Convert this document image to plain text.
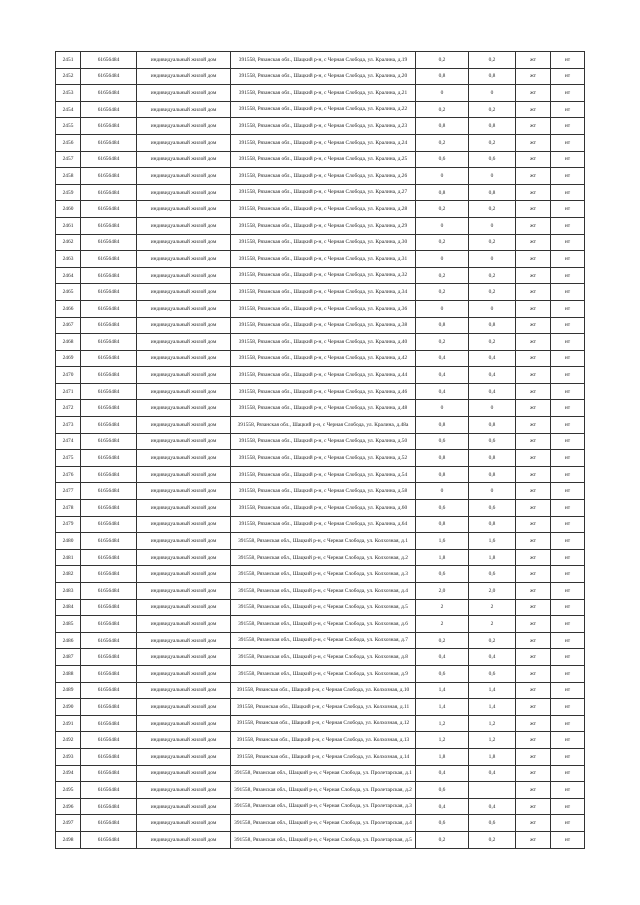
2451	61656484	индивидуальный жилой дом	391558, Рязанская обл., Шацкий р-н, с Черная Слобода, ул. Кралина, д.19	0,2	0,2	жт	нт
2452	61656484	индивидуальный жилой дом	391558, Рязанская обл., Шацкий р-н, с Черная Слобода, ул. Кралина, д.20	0,8	0,8	жт	нт
2453	61656484	индивидуальный жилой дом	391558, Рязанская обл., Шацкий р-н, с Черная Слобода, ул. Кралина, д.21	0	0	жт	нт
2454	61656484	индивидуальный жилой дом	391558, Рязанская обл., Шацкий р-н, с Черная Слобода, ул. Кралина, д.22	0,2	0,2	жт	нт
2455	61656484	индивидуальный жилой дом	391558, Рязанская обл., Шацкий р-н, с Черная Слобода, ул. Кралина, д.23	0,8	0,8	жт	нт
2456	61656484	индивидуальный жилой дом	391558, Рязанская обл., Шацкий р-н, с Черная Слобода, ул. Кралина, д.24	0,2	0,2	жт	нт
2457	61656484	индивидуальный жилой дом	391558, Рязанская обл., Шацкий р-н, с Черная Слобода, ул. Кралина, д.25	0,6	0,6	жт	нт
2458	61656484	индивидуальный жилой дом	391558, Рязанская обл., Шацкий р-н, с Черная Слобода, ул. Кралина, д.26	0	0	жт	нт
2459	61656484	индивидуальный жилой дом	391558, Рязанская обл., Шацкий р-н, с Черная Слобода, ул. Кралина, д.27	0,8	0,8	жт	нт
2460	61656484	индивидуальный жилой дом	391558, Рязанская обл., Шацкий р-н, с Черная Слобода, ул. Кралина, д.28	0,2	0,2	жт	нт
2461	61656484	индивидуальный жилой дом	391558, Рязанская обл., Шацкий р-н, с Черная Слобода, ул. Кралина, д.29	0	0	жт	нт
2462	61656484	индивидуальный жилой дом	391558, Рязанская обл., Шацкий р-н, с Черная Слобода, ул. Кралина, д.30	0,2	0,2	жт	нт
2463	61656484	индивидуальный жилой дом	391558, Рязанская обл., Шацкий р-н, с Черная Слобода, ул. Кралина, д.31	0	0	жт	нт
2464	61656484	индивидуальный жилой дом	391558, Рязанская обл., Шацкий р-н, с Черная Слобода, ул. Кралина, д.32	0,2	0,2	жт	нт
2465	61656484	индивидуальный жилой дом	391558, Рязанская обл., Шацкий р-н, с Черная Слобода, ул. Кралина, д.34	0,2	0,2	жт	нт
2466	61656484	индивидуальный жилой дом	391558, Рязанская обл., Шацкий р-н, с Черная Слобода, ул. Кралина, д.36	0	0	жт	нт
2467	61656484	индивидуальный жилой дом	391558, Рязанская обл., Шацкий р-н, с Черная Слобода, ул. Кралина, д.38	0,8	0,8	жт	нт
2468	61656484	индивидуальный жилой дом	391558, Рязанская обл., Шацкий р-н, с Черная Слобода, ул. Кралина, д.40	0,2	0,2	жт	нт
2469	61656484	индивидуальный жилой дом	391558, Рязанская обл., Шацкий р-н, с Черная Слобода, ул. Кралина, д.42	0,4	0,4	жт	нт
2470	61656484	индивидуальный жилой дом	391558, Рязанская обл., Шацкий р-н, с Черная Слобода, ул. Кралина, д.44	0,4	0,4	жт	нт
2471	61656484	индивидуальный жилой дом	391558, Рязанская обл., Шацкий р-н, с Черная Слобода, ул. Кралина, д.46	0,4	0,4	жт	нт
2472	61656484	индивидуальный жилой дом	391558, Рязанская обл., Шацкий р-н, с Черная Слобода, ул. Кралина, д.48	0	0	жт	нт
2473	61656484	индивидуальный жилой дом	391558, Рязанская обл., Шацкий р-н, с Черная Слобода, ул. Кралина, д.48а	0,8	0,8	жт	нт
2474	61656484	индивидуальный жилой дом	391558, Рязанская обл., Шацкий р-н, с Черная Слобода, ул. Кралина, д.50	0,6	0,6	жт	нт
2475	61656484	индивидуальный жилой дом	391558, Рязанская обл., Шацкий р-н, с Черная Слобода, ул. Кралина, д.52	0,8	0,8	жт	нт
2476	61656484	индивидуальный жилой дом	391558, Рязанская обл., Шацкий р-н, с Черная Слобода, ул. Кралина, д.54	0,8	0,8	жт	нт
2477	61656484	индивидуальный жилой дом	391558, Рязанская обл., Шацкий р-н, с Черная Слобода, ул. Кралина, д.58	0	0	жт	нт
2478	61656484	индивидуальный жилой дом	391558, Рязанская обл., Шацкий р-н, с Черная Слобода, ул. Кралина, д.60	0,6	0,6	жт	нт
2479	61656484	индивидуальный жилой дом	391558, Рязанская обл., Шацкий р-н, с Черная Слобода, ул. Кралина, д.64	0,8	0,8	жт	нт
2480	61656484	индивидуальный жилой дом	391558, Рязанская обл., Шацкий р-н, с Черная Слобода, ул. Колхозная, д.1	1,6	1,6	жт	нт
2481	61656484	индивидуальный жилой дом	391558, Рязанская обл., Шацкий р-н, с Черная Слобода, ул. Колхозная, д.2	1,8	1,8	жт	нт
2482	61656484	индивидуальный жилой дом	391558, Рязанская обл., Шацкий р-н, с Черная Слобода, ул. Колхозная, д.3	0,6	0,6	жт	нт
2483	61656484	индивидуальный жилой дом	391558, Рязанская обл., Шацкий р-н, с Черная Слобода, ул. Колхозная, д.4	2,0	2,0	жт	нт
2484	61656484	индивидуальный жилой дом	391558, Рязанская обл., Шацкий р-н, с Черная Слобода, ул. Колхозная, д.5	2	2	жт	нт
2485	61656484	индивидуальный жилой дом	391558, Рязанская обл., Шацкий р-н, с Черная Слобода, ул. Колхозная, д.6	2	2	жт	нт
2486	61656484	индивидуальный жилой дом	391558, Рязанская обл., Шацкий р-н, с Черная Слобода, ул. Колхозная, д.7	0,2	0,2	жт	нт
2487	61656484	индивидуальный жилой дом	391558, Рязанская обл., Шацкий р-н, с Черная Слобода, ул. Колхозная, д.8	0,4	0,4	жт	нт
2488	61656484	индивидуальный жилой дом	391558, Рязанская обл., Шацкий р-н, с Черная Слобода, ул. Колхозная, д.9	0,6	0,6	жт	нт
2489	61656484	индивидуальный жилой дом	391558, Рязанская обл., Шацкий р-н, с Черная Слобода, ул. Колхозная, д.10	1,4	1,4	жт	нт
2490	61656484	индивидуальный жилой дом	391558, Рязанская обл., Шацкий р-н, с Черная Слобода, ул. Колхозная, д.11	1,4	1,4	жт	нт
2491	61656484	индивидуальный жилой дом	391558, Рязанская обл., Шацкий р-н, с Черная Слобода, ул. Колхозная, д.12	1,2	1,2	жт	нт
2492	61656484	индивидуальный жилой дом	391558, Рязанская обл., Шацкий р-н, с Черная Слобода, ул. Колхозная, д.13	1,2	1,2	жт	нт
2493	61656484	индивидуальный жилой дом	391558, Рязанская обл., Шацкий р-н, с Черная Слобода, ул. Колхозная, д.14	1,8	1,8	жт	нт
2494	61656484	индивидуальный жилой дом	391558, Рязанская обл., Шацкий р-н, с Черная Слобода, ул. Пролетарская, д.1	0,4	0,4	жт	нт
2495	61656484	индивидуальный жилой дом	391558, Рязанская обл., Шацкий р-н, с Черная Слобода, ул. Пролетарская, д.2	0,6		жт	нт
2496	61656484	индивидуальный жилой дом	391558, Рязанская обл., Шацкий р-н, с Черная Слобода, ул. Пролетарская, д.3	0,4	0,4	жт	нт
2497	61656484	индивидуальный жилой дом	391558, Рязанская обл., Шацкий р-н, с Черная Слобода, ул. Пролетарская, д.4	0,6	0,6	жт	нт
2498	61656484	индивидуальный жилой дом	391558, Рязанская обл., Шацкий р-н, с Черная Слобода, ул. Пролетарская, д.5	0,2	0,2	жт	нт
